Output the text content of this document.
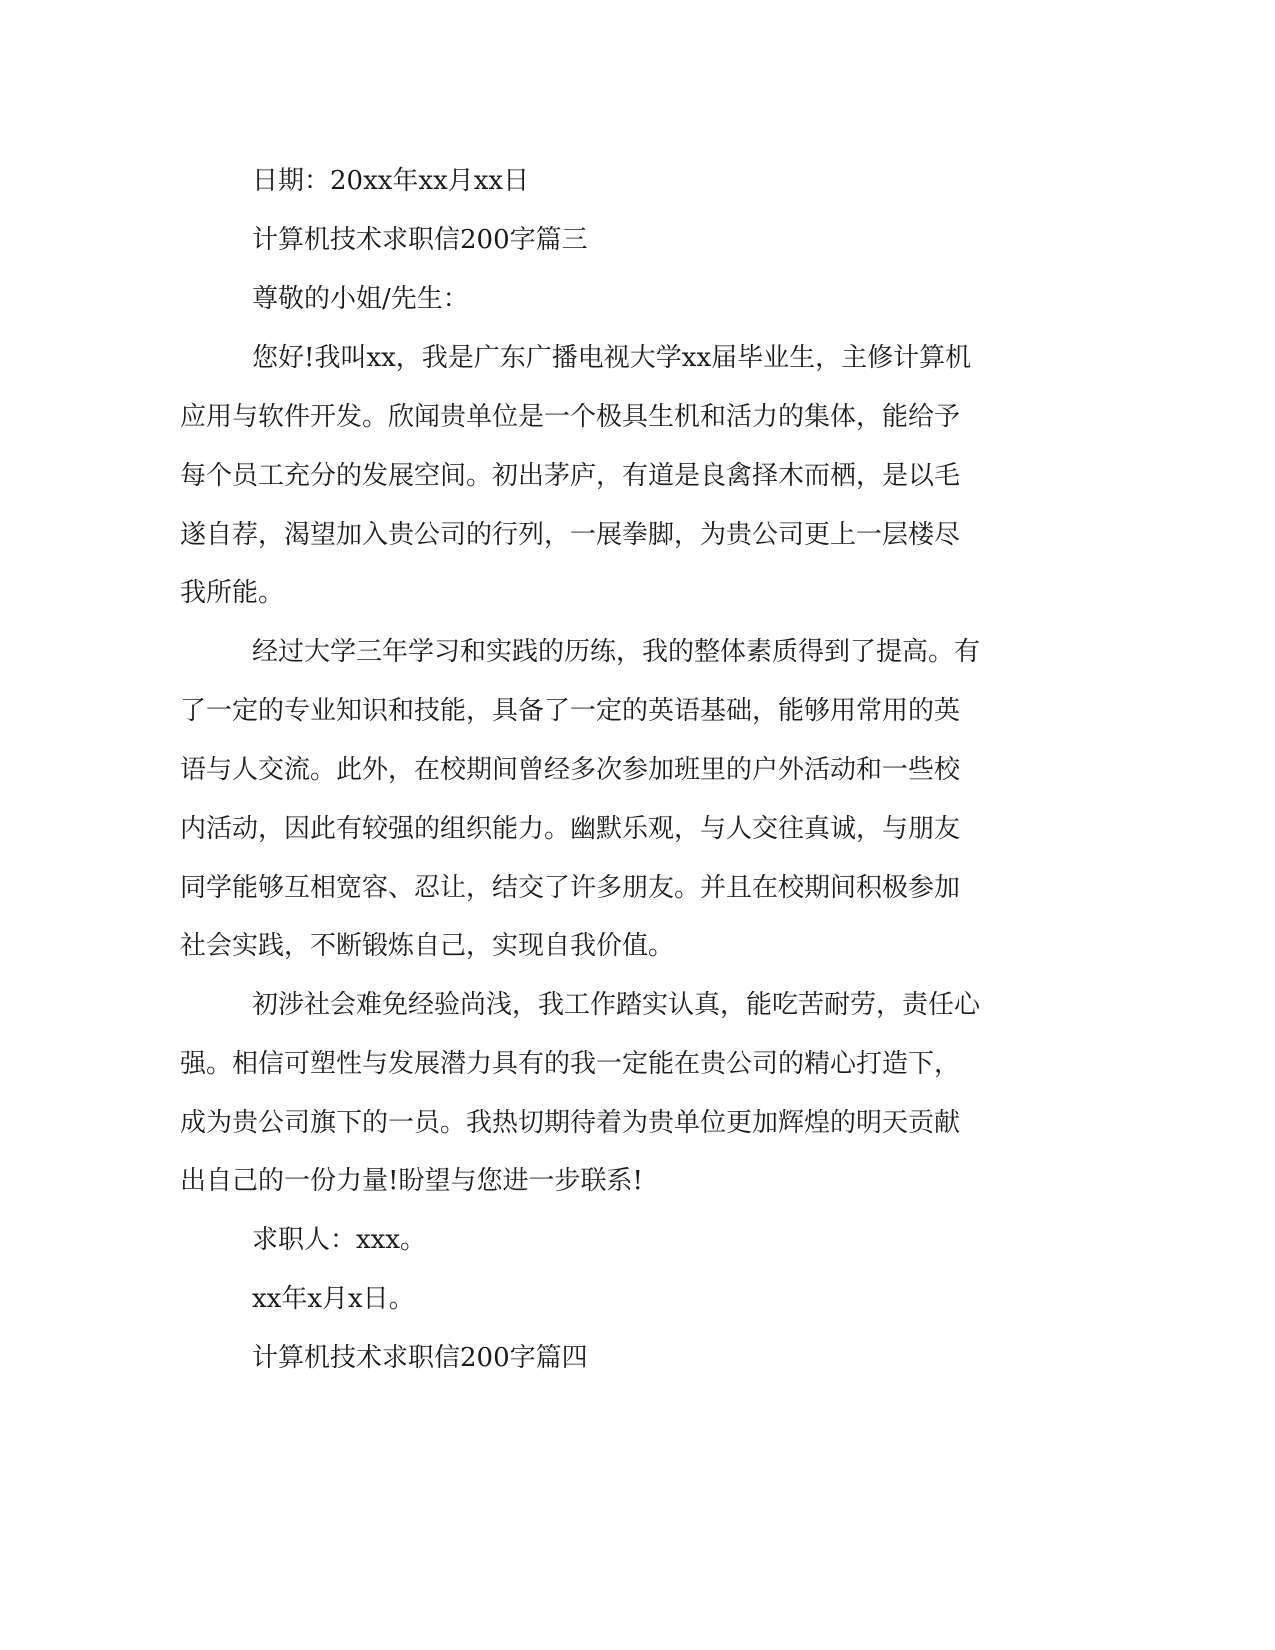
日期：20xx年xx月xx日
计算机技术求职信200字篇三
尊敬的小姐/先生：
您好!我叫xx，我是广东广播电视大学xx届毕业生，主修计算机
应用与软件开发。欣闻贵单位是一个极具生机和活力的集体，能给予
每个员工充分的发展空间。初出茅庐，有道是良禽择木而栖，是以毛
遂自荐，渴望加入贵公司的行列，一展拳脚，为贵公司更上一层楼尽
我所能。
经过大学三年学习和实践的历练，我的整体素质得到了提高。有
了一定的专业知识和技能，具备了一定的英语基础，能够用常用的英
语与人交流。此外，在校期间曾经多次参加班里的户外活动和一些校
内活动，因此有较强的组织能力。幽默乐观，与人交往真诚，与朋友
同学能够互相宽容、忍让，结交了许多朋友。并且在校期间积极参加
社会实践，不断锻炼自己，实现自我价值。
初涉社会难免经验尚浅，我工作踏实认真，能吃苦耐劳，责任心
强。相信可塑性与发展潜力具有的我一定能在贵公司的精心打造下，
成为贵公司旗下的一员。我热切期待着为贵单位更加辉煌的明天贡献
出自己的一份力量!盼望与您进一步联系!
求职人：xxx。
xx年x月x日。
计算机技术求职信200字篇四
